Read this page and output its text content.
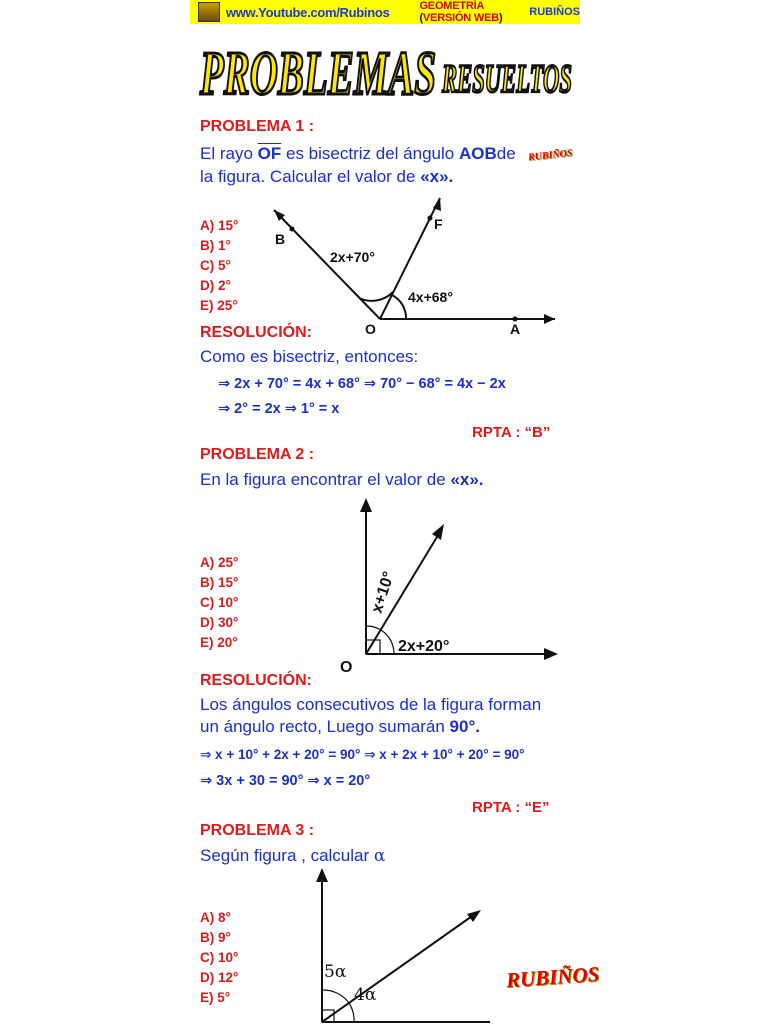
www.Youtube.com/Rubinos	GEOMETRÍA (VERSIÓN WEB)	RUBIÑOS
PROBLEMAS RESUELTOS
PROBLEMA 1 :
El rayo $\overline{OF}$ es bisectriz del ángulo AOBde
la figura. Calcular el valor de «x».
RUBIÑOS
A) 15°
B) 1°
C) 5°
D) 2°
E) 25°
B
F
O	A
2x+70°
4x+68°
RESOLUCIÓN:
Como es bisectriz, entonces:
⇒ 2x + 70° = 4x + 68° ⇒ 70° − 68° = 4x − 2x
⇒ 2° = 2x ⇒ 1° = x
RPTA : “B”
PROBLEMA 2 :
En la figura encontrar el valor de «x».
A) 25°
B) 15°
C) 10°
D) 30°
E) 20°
O
2x+20°
x+10°
RESOLUCIÓN:
Los ángulos consecutivos de la figura forman
un ángulo recto, Luego sumarán 90°.
⇒ x + 10° + 2x + 20° = 90° ⇒ x + 2x + 10° + 20° = 90°
⇒ 3x + 30 = 90° ⇒ x = 20°
RPTA : “E”
PROBLEMA 3 :
Según figura , calcular α
A) 8°
B) 9°
C) 10°
D) 12°
E) 5°
5α
4α
RUBIÑOS
